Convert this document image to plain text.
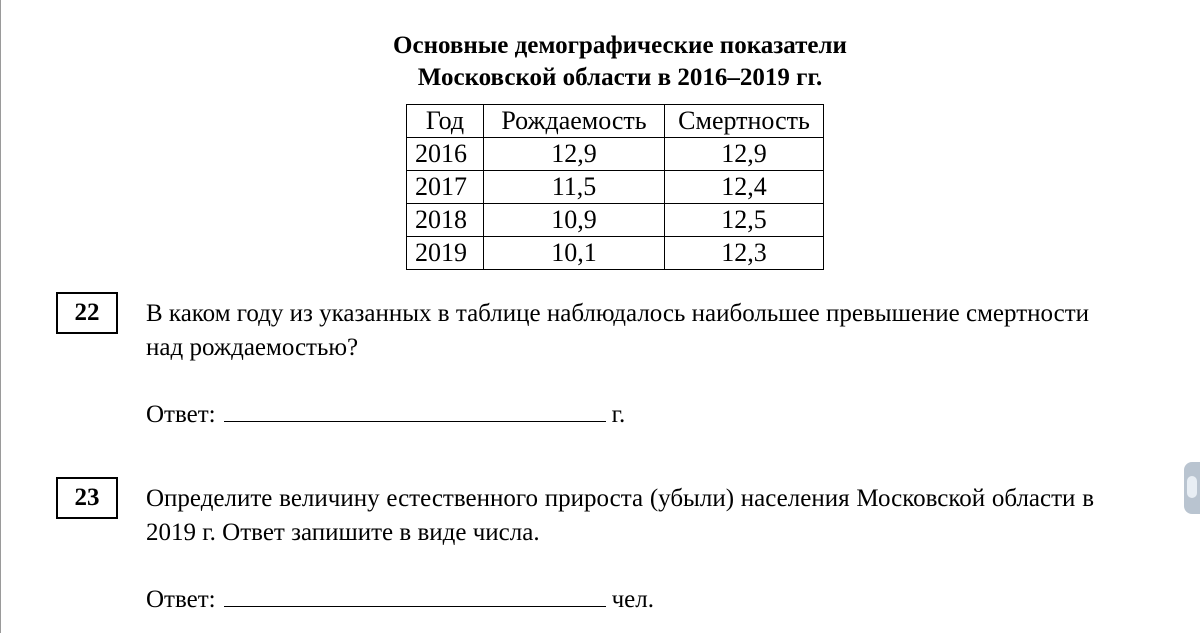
Основные демографические показатели
Московской области в 2016–2019 гг.
Год	Рождаемость	Смертность
2016	12,9	12,9
2017	11,5	12,4
2018	10,9	12,5
2019	10,1	12,3
22	В каком году из указанных в таблице наблюдалось наибольшее превышение смертности над рождаемостью?
Ответ:	г.
23	Определите величину естественного прироста (убыли) населения Московской области в 2019 г. Ответ запишите в виде числа.
Ответ:	чел.
